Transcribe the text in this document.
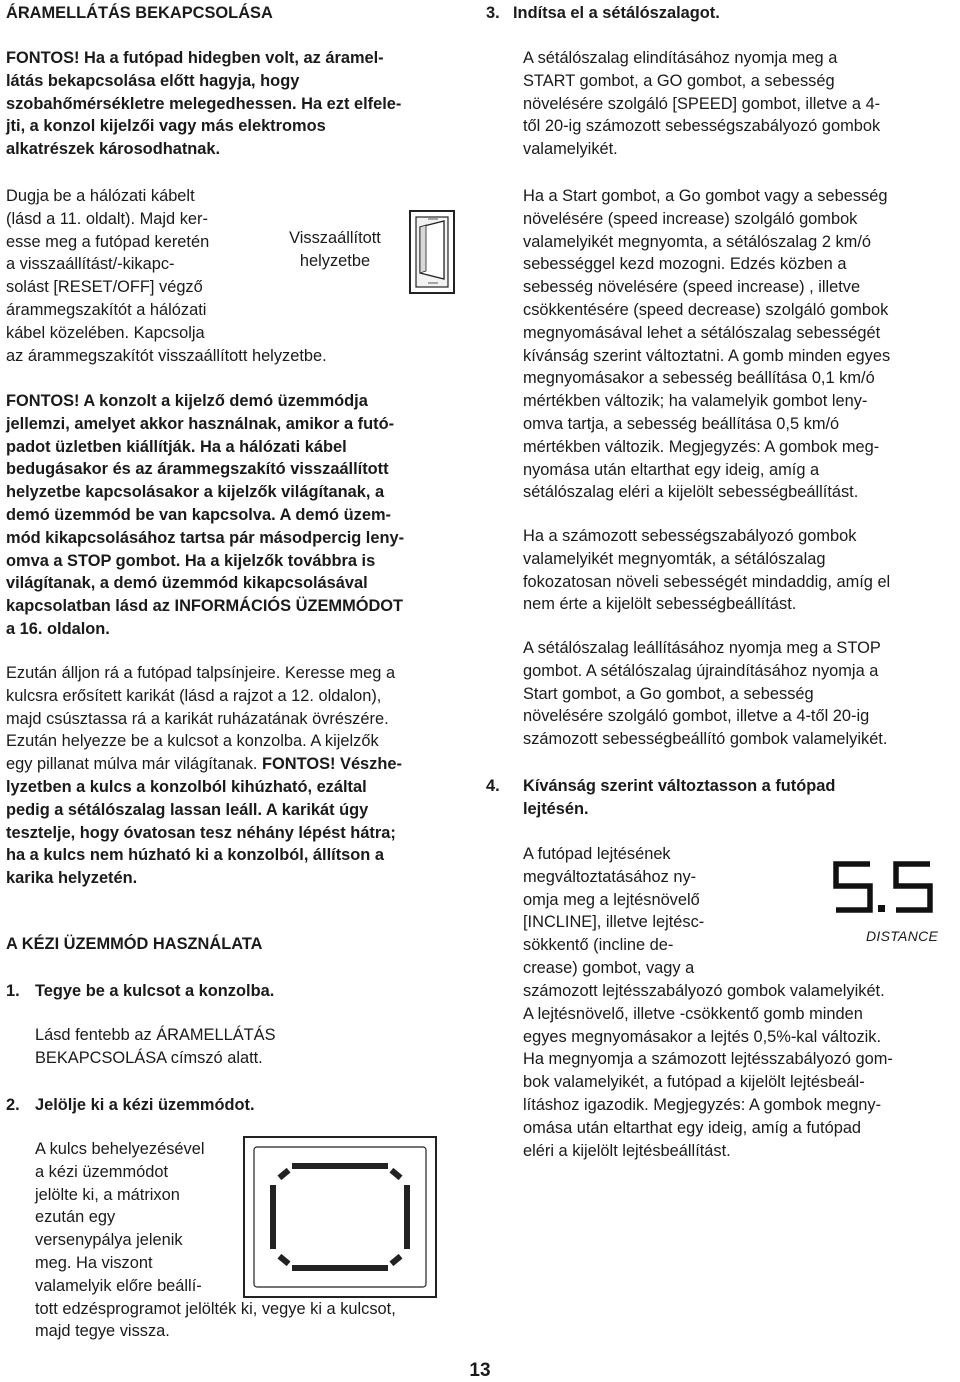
ÁRAMELLÁTÁS BEKAPCSOLÁSA

FONTOS! Ha a futópad hidegben volt, az áramel-
látás bekapcsolása előtt hagyja, hogy
szobahőmérsékletre melegedhessen. Ha ezt elfele-
jti, a konzol kijelzői vagy más elektromos
alkatrészek károsodhatnak.

Dugja be a hálózati kábelt
(lásd a 11. oldalt). Majd ker-
esse meg a futópad keretén
a visszaállítást/-kikapc-
solást [RESET/OFF] végző
árammegszakítót a hálózati
kábel közelében. Kapcsolja
az árammegszakítót visszaállított helyzetbe.

Visszaállított helyzetbe

FONTOS! A konzolt a kijelző demó üzemmódja
jellemzi, amelyet akkor használnak, amikor a futó-
padot üzletben kiállítják. Ha a hálózati kábel
bedugásakor és az árammegszakító visszaállított
helyzetbe kapcsolásakor a kijelzők világítanak, a
demó üzemmód be van kapcsolva. A demó üzem-
mód kikapcsolásához tartsa pár másodpercig leny-
omva a STOP gombot. Ha a kijelzők továbbra is
világítanak, a demó üzemmód kikapcsolásával
kapcsolatban lásd az INFORMÁCIÓS ÜZEMMÓDOT
a 16. oldalon.

Ezután álljon rá a futópad talpsínjeire. Keresse meg a
kulcsra erősített karikát (lásd a rajzot a 12. oldalon),
majd csúsztassa rá a karikát ruházatának övrészére.
Ezután helyezze be a kulcsot a konzolba. A kijelzők
egy pillanat múlva már világítanak. FONTOS! Vészhe-
lyzetben a kulcs a konzolból kihúzható, ezáltal
pedig a sétálószalag lassan leáll. A karikát úgy
tesztelje, hogy óvatosan tesz néhány lépést hátra;
ha a kulcs nem húzható ki a konzolból, állítson a
karika helyzetén.

A KÉZI ÜZEMMÓD HASZNÁLATA

1. Tegye be a kulcsot a konzolba.

Lásd fentebb az ÁRAMELLÁTÁS
BEKAPCSOLÁSA címszó alatt.

2. Jelölje ki a kézi üzemmódot.

A kulcs behelyezésével
a kézi üzemmódot
jelölte ki, a mátrixon
ezután egy
versenypálya jelenik
meg. Ha viszont
valamelyik előre beállí-
tott edzésprogramot jelölték ki, vegye ki a kulcsot,
majd tegye vissza.

3. Indítsa el a sétálószalagot.

A sétálószalag elindításához nyomja meg a
START gombot, a GO gombot, a sebesség
növelésére szolgáló [SPEED] gombot, illetve a 4-
től 20-ig számozott sebességszabályozó gombok
valamelyikét.

Ha a Start gombot, a Go gombot vagy a sebesség
növelésére (speed increase) szolgáló gombok
valamelyikét megnyomta, a sétálószalag 2 km/ó
sebességgel kezd mozogni. Edzés közben a
sebesség növelésére (speed increase) , illetve
csökkentésére (speed decrease) szolgáló gombok
megnyomásával lehet a sétálószalag sebességét
kívánság szerint változtatni. A gomb minden egyes
megnyomásakor a sebesség beállítása 0,1 km/ó
mértékben változik; ha valamelyik gombot leny-
omva tartja, a sebesség beállítása 0,5 km/ó
mértékben változik. Megjegyzés: A gombok meg-
nyomása után eltarthat egy ideig, amíg a
sétálószalag eléri a kijelölt sebességbeállítást.

Ha a számozott sebességszabályozó gombok
valamelyikét megnyomták, a sétálószalag
fokozatosan növeli sebességét mindaddig, amíg el
nem érte a kijelölt sebességbeállítást.

A sétálószalag leállításához nyomja meg a STOP
gombot. A sétálószalag újraindításához nyomja a
Start gombot, a Go gombot, a sebesség
növelésére szolgáló gombot, illetve a 4-től 20-ig
számozott sebességbeállító gombok valamelyikét.

4. Kívánság szerint változtasson a futópad
lejtésén.

A futópad lejtésének
megváltoztatásához ny-
omja meg a lejtésnövelő
[INCLINE], illetve lejtésc-
sökkentő (incline de-
crease) gombot, vagy a

DISTANCE

számozott lejtésszabályozó gombok valamelyikét.
A lejtésnövelő, illetve -csökkentő gomb minden
egyes megnyomásakor a lejtés 0,5%-kal változik.
Ha megnyomja a számozott lejtésszabályozó gom-
bok valamelyikét, a futópad a kijelölt lejtésbeál-
lításhoz igazodik. Megjegyzés: A gombok megny-
omása után eltarthat egy ideig, amíg a futópad
eléri a kijelölt lejtésbeállítást.

13
